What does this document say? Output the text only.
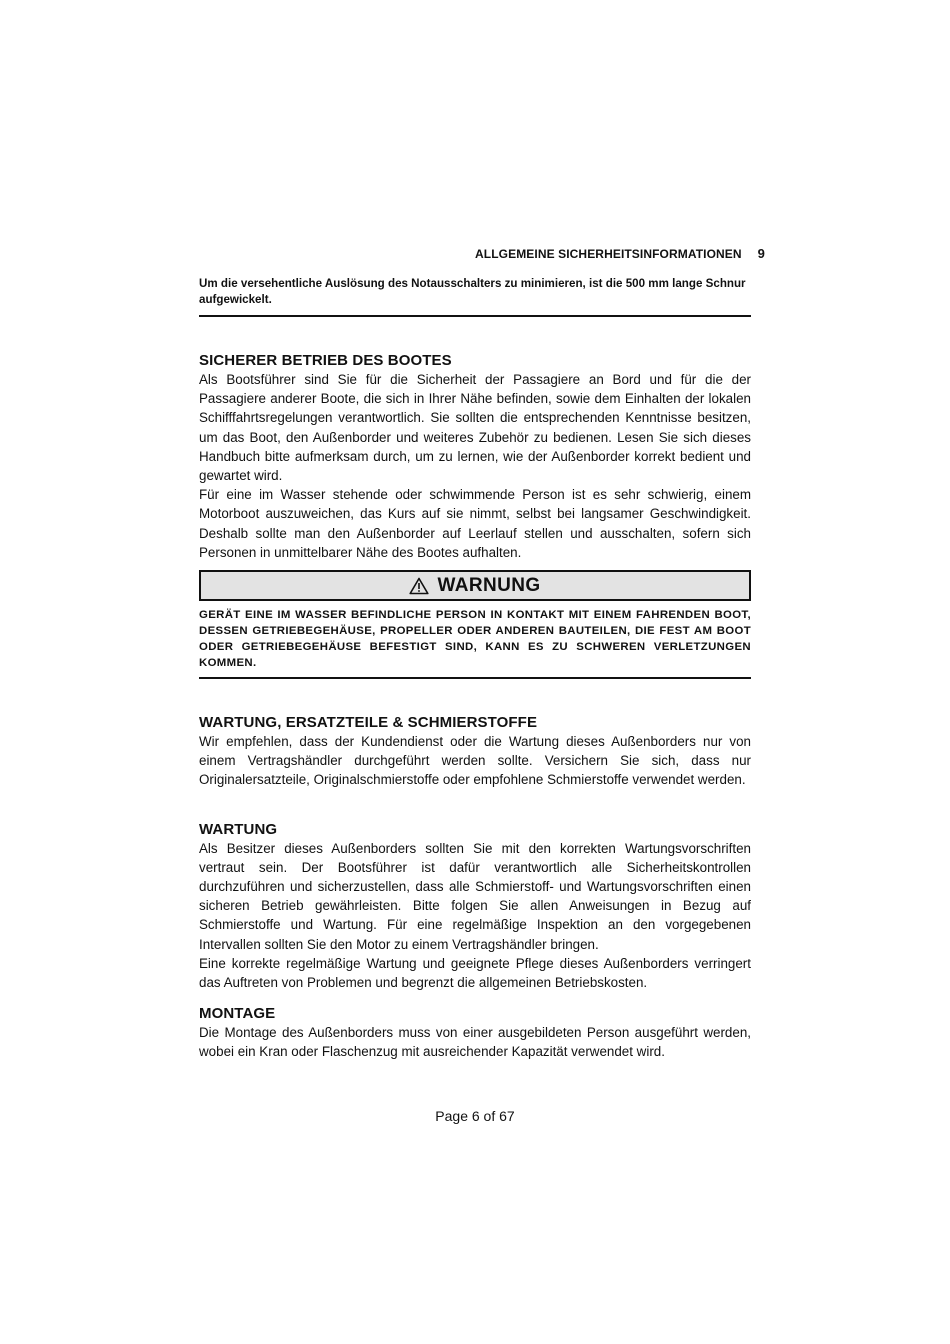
ALLGEMEINE SICHERHEITSINFORMATIONEN 9

Um die versehentliche Auslösung des Notausschalters zu minimieren, ist die 500 mm lange Schnur aufgewickelt.

SICHERER BETRIEB DES BOOTES

Als Bootsführer sind Sie für die Sicherheit der Passagiere an Bord und für die der Passagiere anderer Boote, die sich in Ihrer Nähe befinden, sowie dem Einhalten der lokalen Schifffahrtsregelungen verantwortlich. Sie sollten die entsprechenden Kenntnisse besitzen, um das Boot, den Außenborder und weiteres Zubehör zu bedienen. Lesen Sie sich dieses Handbuch bitte aufmerksam durch, um zu lernen, wie der Außenborder korrekt bedient und gewartet wird.

Für eine im Wasser stehende oder schwimmende Person ist es sehr schwierig, einem Motorboot auszuweichen, das Kurs auf sie nimmt, selbst bei langsamer Geschwindigkeit. Deshalb sollte man den Außenborder auf Leerlauf stellen und ausschalten, sofern sich Personen in unmittelbarer Nähe des Bootes aufhalten.

WARNUNG

GERÄT EINE IM WASSER BEFINDLICHE PERSON IN KONTAKT MIT EINEM FAHRENDEN BOOT, DESSEN GETRIEBEGEHÄUSE, PROPELLER ODER ANDEREN BAUTEILEN, DIE FEST AM BOOT ODER GETRIEBEGEHÄUSE BEFESTIGT SIND, KANN ES ZU SCHWEREN VERLETZUNGEN KOMMEN.

WARTUNG, ERSATZTEILE & SCHMIERSTOFFE

Wir empfehlen, dass der Kundendienst oder die Wartung dieses Außenborders nur von einem Vertragshändler durchgeführt werden sollte. Versichern Sie sich, dass nur Originalersatzteile, Originalschmierstoffe oder empfohlene Schmierstoffe verwendet werden.

WARTUNG

Als Besitzer dieses Außenborders sollten Sie mit den korrekten Wartungsvorschriften vertraut sein. Der Bootsführer ist dafür verantwortlich alle Sicherheitskontrollen durchzuführen und sicherzustellen, dass alle Schmierstoff- und Wartungsvorschriften einen sicheren Betrieb gewährleisten. Bitte folgen Sie allen Anweisungen in Bezug auf Schmierstoffe und Wartung. Für eine regelmäßige Inspektion an den vorgegebenen Intervallen sollten Sie den Motor zu einem Vertragshändler bringen.

Eine korrekte regelmäßige Wartung und geeignete Pflege dieses Außenborders verringert das Auftreten von Problemen und begrenzt die allgemeinen Betriebskosten.

MONTAGE

Die Montage des Außenborders muss von einer ausgebildeten Person ausgeführt werden, wobei ein Kran oder Flaschenzug mit ausreichender Kapazität verwendet wird.

Page 6 of 67
